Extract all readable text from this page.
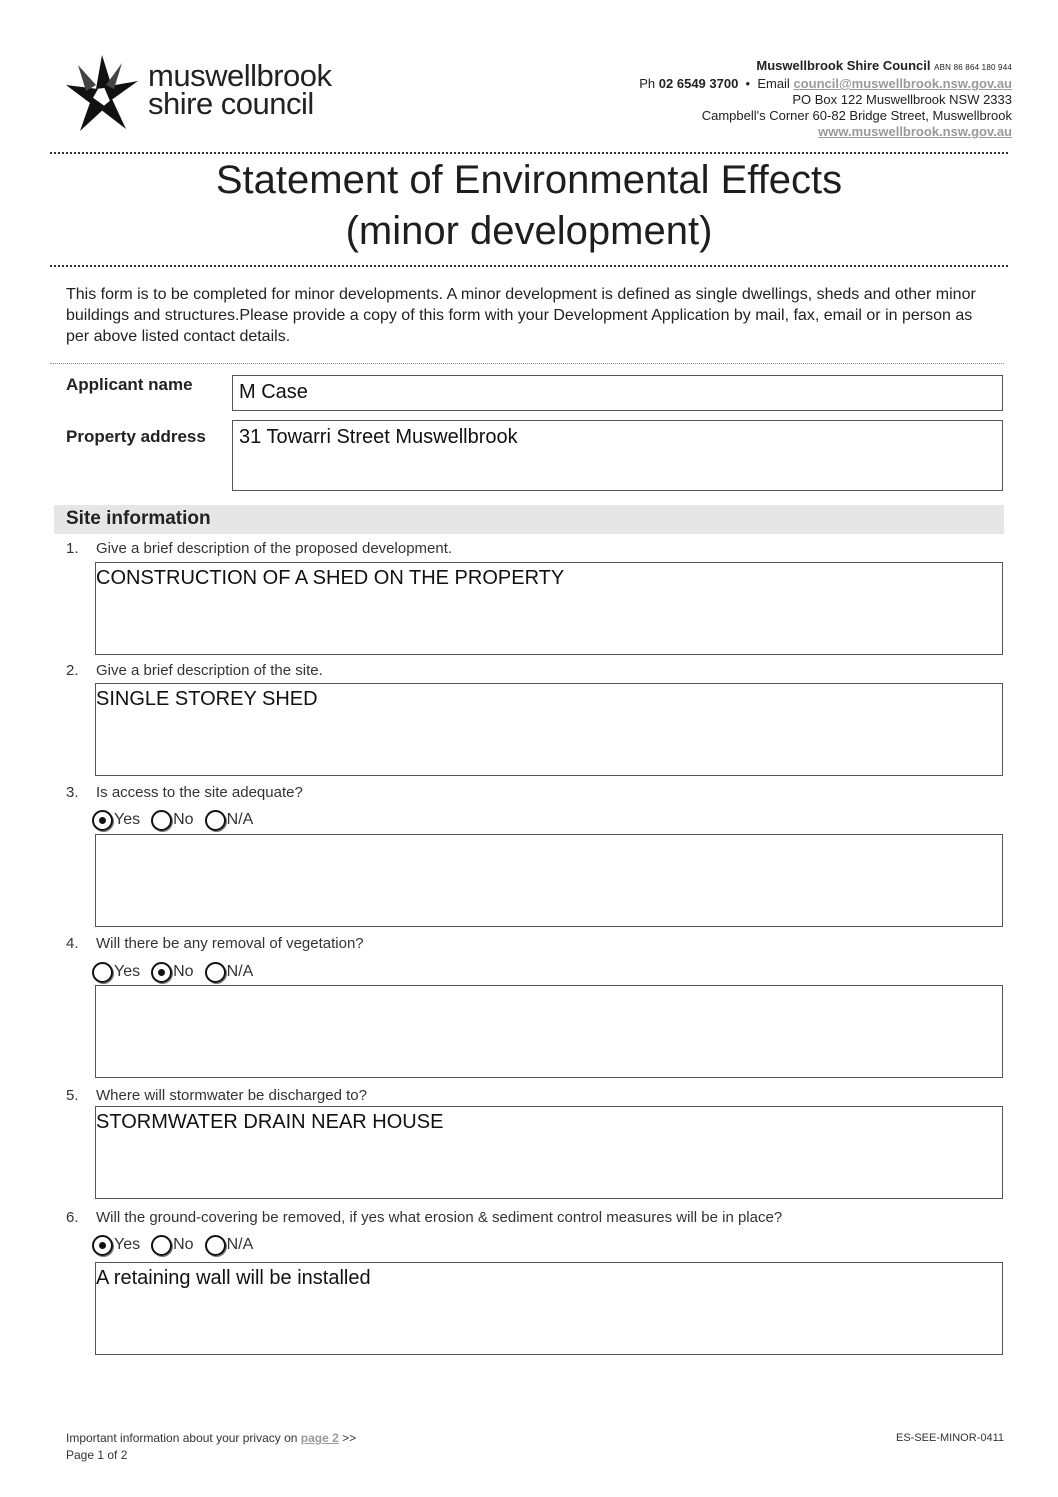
muswellbrook
shire council
Muswellbrook Shire Council ABN 86 864 180 944
Ph 02 6549 3700  •  Email council@muswellbrook.nsw.gov.au
PO Box 122 Muswellbrook NSW 2333
Campbell's Corner 60-82 Bridge Street, Muswellbrook
www.muswellbrook.nsw.gov.au
Statement of Environmental Effects
(minor development)
This form is to be completed for minor developments. A minor development is defined as single dwellings, sheds and other minor buildings and structures.Please provide a copy of this form with your Development Application by mail, fax, email or in person as per above listed contact details.
Applicant name	M Case
Property address	31 Towarri Street Muswellbrook
Site information
1. Give a brief description of the proposed development.
CONSTRUCTION OF A SHED ON THE PROPERTY
2. Give a brief description of the site.
SINGLE STOREY SHED
3. Is access to the site adequate?
Yes No N/A
4. Will there be any removal of vegetation?
Yes No N/A
5. Where will stormwater be discharged to?
STORMWATER DRAIN NEAR HOUSE
6. Will the ground-covering be removed, if yes what erosion & sediment control measures will be in place?
Yes No N/A
A retaining wall will be installed
Important information about your privacy on page 2 >>
Page 1 of 2
ES-SEE-MINOR-0411
